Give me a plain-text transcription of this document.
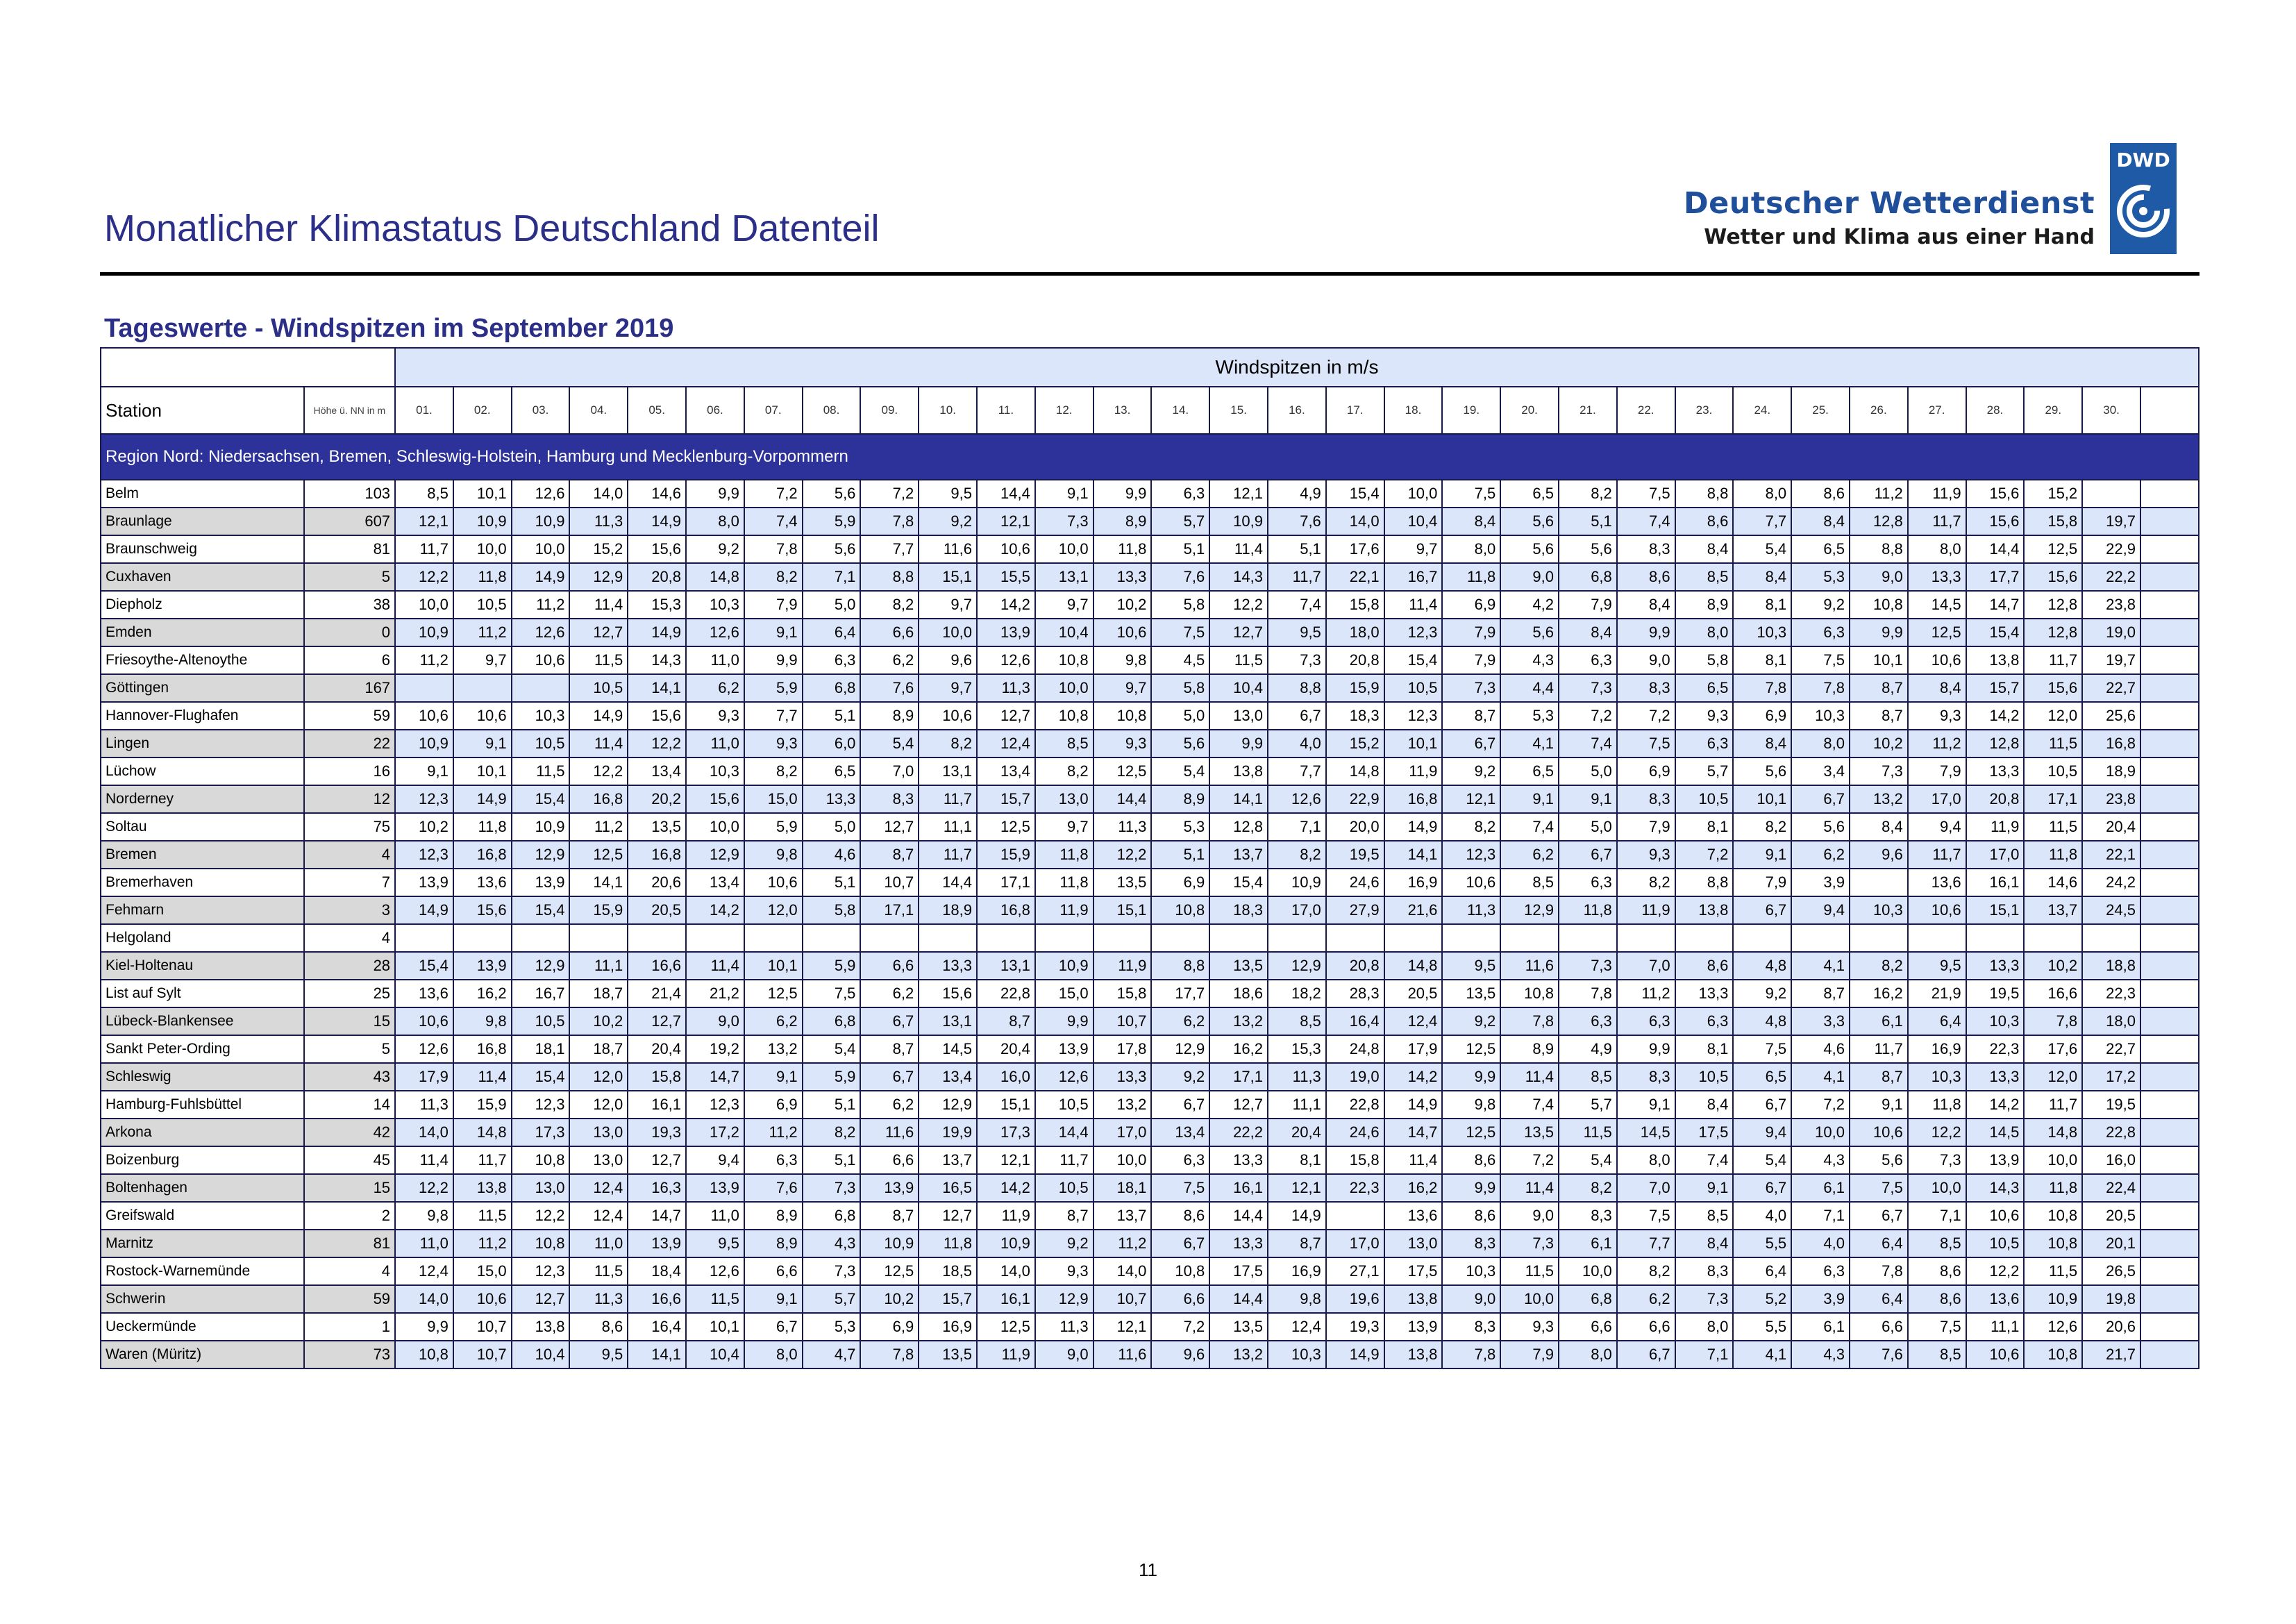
Monatlicher Klimastatus Deutschland Datenteil
Deutscher Wetterdienst
Wetter und Klima aus einer Hand
DWD
Tageswerte - Windspitzen im September 2019
		Windspitzen in m/s																														
Station	Höhe ü. NN in m	01.	02.	03.	04.	05.	06.	07.	08.	09.	10.	11.	12.	13.	14.	15.	16.	17.	18.	19.	20.	21.	22.	23.	24.	25.	26.	27.	28.	29.	30.	
Region Nord: Niedersachsen, Bremen, Schleswig-Holstein, Hamburg und Mecklenburg-Vorpommern																																
Belm	103	8,5	10,1	12,6	14,0	14,6	9,9	7,2	5,6	7,2	9,5	14,4	9,1	9,9	6,3	12,1	4,9	15,4	10,0	7,5	6,5	8,2	7,5	8,8	8,0	8,6	11,2	11,9	15,6	15,2		
Braunlage	607	12,1	10,9	10,9	11,3	14,9	8,0	7,4	5,9	7,8	9,2	12,1	7,3	8,9	5,7	10,9	7,6	14,0	10,4	8,4	5,6	5,1	7,4	8,6	7,7	8,4	12,8	11,7	15,6	15,8	19,7	
Braunschweig	81	11,7	10,0	10,0	15,2	15,6	9,2	7,8	5,6	7,7	11,6	10,6	10,0	11,8	5,1	11,4	5,1	17,6	9,7	8,0	5,6	5,6	8,3	8,4	5,4	6,5	8,8	8,0	14,4	12,5	22,9	
Cuxhaven	5	12,2	11,8	14,9	12,9	20,8	14,8	8,2	7,1	8,8	15,1	15,5	13,1	13,3	7,6	14,3	11,7	22,1	16,7	11,8	9,0	6,8	8,6	8,5	8,4	5,3	9,0	13,3	17,7	15,6	22,2	
Diepholz	38	10,0	10,5	11,2	11,4	15,3	10,3	7,9	5,0	8,2	9,7	14,2	9,7	10,2	5,8	12,2	7,4	15,8	11,4	6,9	4,2	7,9	8,4	8,9	8,1	9,2	10,8	14,5	14,7	12,8	23,8	
Emden	0	10,9	11,2	12,6	12,7	14,9	12,6	9,1	6,4	6,6	10,0	13,9	10,4	10,6	7,5	12,7	9,5	18,0	12,3	7,9	5,6	8,4	9,9	8,0	10,3	6,3	9,9	12,5	15,4	12,8	19,0	
Friesoythe-Altenoythe	6	11,2	9,7	10,6	11,5	14,3	11,0	9,9	6,3	6,2	9,6	12,6	10,8	9,8	4,5	11,5	7,3	20,8	15,4	7,9	4,3	6,3	9,0	5,8	8,1	7,5	10,1	10,6	13,8	11,7	19,7	
Göttingen	167				10,5	14,1	6,2	5,9	6,8	7,6	9,7	11,3	10,0	9,7	5,8	10,4	8,8	15,9	10,5	7,3	4,4	7,3	8,3	6,5	7,8	7,8	8,7	8,4	15,7	15,6	22,7	
Hannover-Flughafen	59	10,6	10,6	10,3	14,9	15,6	9,3	7,7	5,1	8,9	10,6	12,7	10,8	10,8	5,0	13,0	6,7	18,3	12,3	8,7	5,3	7,2	7,2	9,3	6,9	10,3	8,7	9,3	14,2	12,0	25,6	
Lingen	22	10,9	9,1	10,5	11,4	12,2	11,0	9,3	6,0	5,4	8,2	12,4	8,5	9,3	5,6	9,9	4,0	15,2	10,1	6,7	4,1	7,4	7,5	6,3	8,4	8,0	10,2	11,2	12,8	11,5	16,8	
Lüchow	16	9,1	10,1	11,5	12,2	13,4	10,3	8,2	6,5	7,0	13,1	13,4	8,2	12,5	5,4	13,8	7,7	14,8	11,9	9,2	6,5	5,0	6,9	5,7	5,6	3,4	7,3	7,9	13,3	10,5	18,9	
Norderney	12	12,3	14,9	15,4	16,8	20,2	15,6	15,0	13,3	8,3	11,7	15,7	13,0	14,4	8,9	14,1	12,6	22,9	16,8	12,1	9,1	9,1	8,3	10,5	10,1	6,7	13,2	17,0	20,8	17,1	23,8	
Soltau	75	10,2	11,8	10,9	11,2	13,5	10,0	5,9	5,0	12,7	11,1	12,5	9,7	11,3	5,3	12,8	7,1	20,0	14,9	8,2	7,4	5,0	7,9	8,1	8,2	5,6	8,4	9,4	11,9	11,5	20,4	
Bremen	4	12,3	16,8	12,9	12,5	16,8	12,9	9,8	4,6	8,7	11,7	15,9	11,8	12,2	5,1	13,7	8,2	19,5	14,1	12,3	6,2	6,7	9,3	7,2	9,1	6,2	9,6	11,7	17,0	11,8	22,1	
Bremerhaven	7	13,9	13,6	13,9	14,1	20,6	13,4	10,6	5,1	10,7	14,4	17,1	11,8	13,5	6,9	15,4	10,9	24,6	16,9	10,6	8,5	6,3	8,2	8,8	7,9	3,9		13,6	16,1	14,6	24,2	
Fehmarn	3	14,9	15,6	15,4	15,9	20,5	14,2	12,0	5,8	17,1	18,9	16,8	11,9	15,1	10,8	18,3	17,0	27,9	21,6	11,3	12,9	11,8	11,9	13,8	6,7	9,4	10,3	10,6	15,1	13,7	24,5	
Helgoland	4																															
Kiel-Holtenau	28	15,4	13,9	12,9	11,1	16,6	11,4	10,1	5,9	6,6	13,3	13,1	10,9	11,9	8,8	13,5	12,9	20,8	14,8	9,5	11,6	7,3	7,0	8,6	4,8	4,1	8,2	9,5	13,3	10,2	18,8	
List auf Sylt	25	13,6	16,2	16,7	18,7	21,4	21,2	12,5	7,5	6,2	15,6	22,8	15,0	15,8	17,7	18,6	18,2	28,3	20,5	13,5	10,8	7,8	11,2	13,3	9,2	8,7	16,2	21,9	19,5	16,6	22,3	
Lübeck-Blankensee	15	10,6	9,8	10,5	10,2	12,7	9,0	6,2	6,8	6,7	13,1	8,7	9,9	10,7	6,2	13,2	8,5	16,4	12,4	9,2	7,8	6,3	6,3	6,3	4,8	3,3	6,1	6,4	10,3	7,8	18,0	
Sankt Peter-Ording	5	12,6	16,8	18,1	18,7	20,4	19,2	13,2	5,4	8,7	14,5	20,4	13,9	17,8	12,9	16,2	15,3	24,8	17,9	12,5	8,9	4,9	9,9	8,1	7,5	4,6	11,7	16,9	22,3	17,6	22,7	
Schleswig	43	17,9	11,4	15,4	12,0	15,8	14,7	9,1	5,9	6,7	13,4	16,0	12,6	13,3	9,2	17,1	11,3	19,0	14,2	9,9	11,4	8,5	8,3	10,5	6,5	4,1	8,7	10,3	13,3	12,0	17,2	
Hamburg-Fuhlsbüttel	14	11,3	15,9	12,3	12,0	16,1	12,3	6,9	5,1	6,2	12,9	15,1	10,5	13,2	6,7	12,7	11,1	22,8	14,9	9,8	7,4	5,7	9,1	8,4	6,7	7,2	9,1	11,8	14,2	11,7	19,5	
Arkona	42	14,0	14,8	17,3	13,0	19,3	17,2	11,2	8,2	11,6	19,9	17,3	14,4	17,0	13,4	22,2	20,4	24,6	14,7	12,5	13,5	11,5	14,5	17,5	9,4	10,0	10,6	12,2	14,5	14,8	22,8	
Boizenburg	45	11,4	11,7	10,8	13,0	12,7	9,4	6,3	5,1	6,6	13,7	12,1	11,7	10,0	6,3	13,3	8,1	15,8	11,4	8,6	7,2	5,4	8,0	7,4	5,4	4,3	5,6	7,3	13,9	10,0	16,0	
Boltenhagen	15	12,2	13,8	13,0	12,4	16,3	13,9	7,6	7,3	13,9	16,5	14,2	10,5	18,1	7,5	16,1	12,1	22,3	16,2	9,9	11,4	8,2	7,0	9,1	6,7	6,1	7,5	10,0	14,3	11,8	22,4	
Greifswald	2	9,8	11,5	12,2	12,4	14,7	11,0	8,9	6,8	8,7	12,7	11,9	8,7	13,7	8,6	14,4	14,9		13,6	8,6	9,0	8,3	7,5	8,5	4,0	7,1	6,7	7,1	10,6	10,8	20,5	
Marnitz	81	11,0	11,2	10,8	11,0	13,9	9,5	8,9	4,3	10,9	11,8	10,9	9,2	11,2	6,7	13,3	8,7	17,0	13,0	8,3	7,3	6,1	7,7	8,4	5,5	4,0	6,4	8,5	10,5	10,8	20,1	
Rostock-Warnemünde	4	12,4	15,0	12,3	11,5	18,4	12,6	6,6	7,3	12,5	18,5	14,0	9,3	14,0	10,8	17,5	16,9	27,1	17,5	10,3	11,5	10,0	8,2	8,3	6,4	6,3	7,8	8,6	12,2	11,5	26,5	
Schwerin	59	14,0	10,6	12,7	11,3	16,6	11,5	9,1	5,7	10,2	15,7	16,1	12,9	10,7	6,6	14,4	9,8	19,6	13,8	9,0	10,0	6,8	6,2	7,3	5,2	3,9	6,4	8,6	13,6	10,9	19,8	
Ueckermünde	1	9,9	10,7	13,8	8,6	16,4	10,1	6,7	5,3	6,9	16,9	12,5	11,3	12,1	7,2	13,5	12,4	19,3	13,9	8,3	9,3	6,6	6,6	8,0	5,5	6,1	6,6	7,5	11,1	12,6	20,6	
Waren (Müritz)	73	10,8	10,7	10,4	9,5	14,1	10,4	8,0	4,7	7,8	13,5	11,9	9,0	11,6	9,6	13,2	10,3	14,9	13,8	7,8	7,9	8,0	6,7	7,1	4,1	4,3	7,6	8,5	10,6	10,8	21,7	
11
